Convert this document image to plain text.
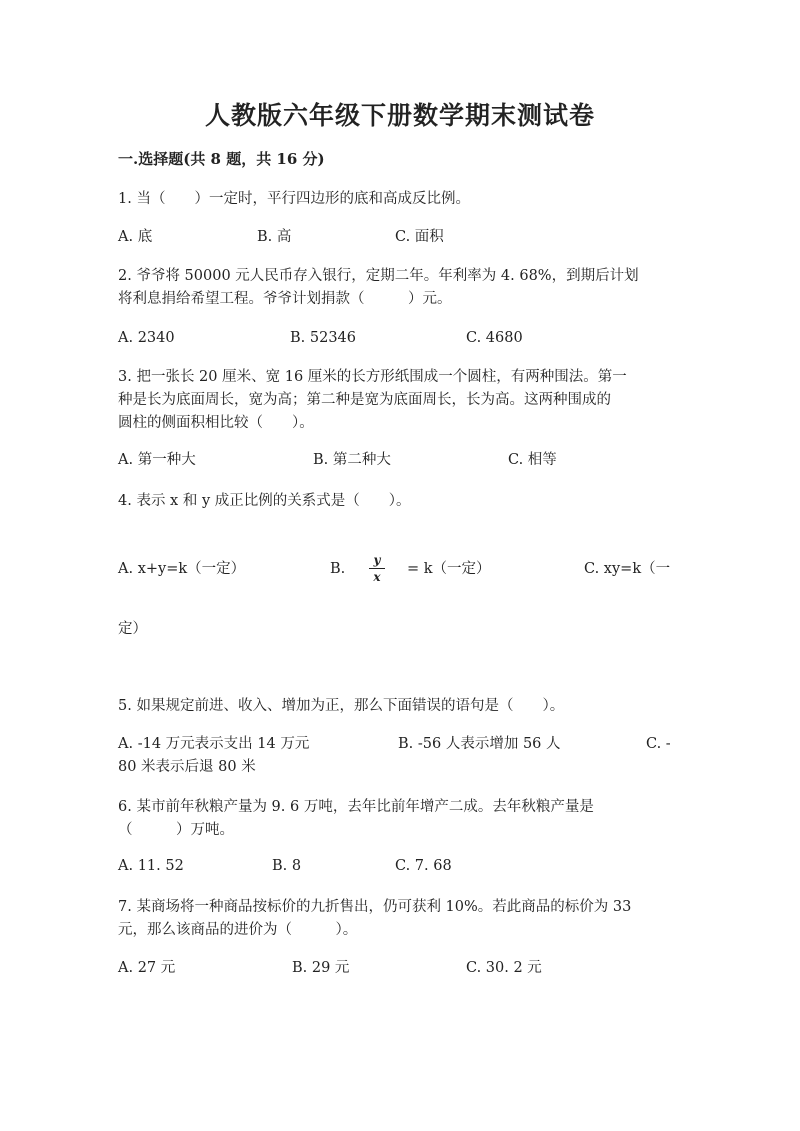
人教版六年级下册数学期末测试卷
一.选择题(共 8 题，共 16 分)
1. 当（　　）一定时，平行四边形的底和高成反比例。
A. 底	B. 高	C. 面积
2. 爷爷将 50000 元人民币存入银行，定期二年。年利率为 4. 68%，到期后计划
将利息捐给希望工程。爷爷计划捐款（　　　）元。
A. 2340	B. 52346	C. 4680
3. 把一张长 20 厘米、宽 16 厘米的长方形纸围成一个圆柱，有两种围法。第一
种是长为底面周长，宽为高；第二种是宽为底面周长，长为高。这两种围成的
圆柱的侧面积相比较（　　）。
A. 第一种大	B. 第二种大	C. 相等
4. 表示 x 和 y 成正比例的关系式是（　　）。
A. x+y=k（一定）	B.
y
x	= k（一定）	C. xy=k（一
定）
5. 如果规定前进、收入、增加为正，那么下面错误的语句是（　　）。
A. -14 万元表示支出 14 万元	B. -56 人表示增加 56 人	C. -
80 米表示后退 80 米
6. 某市前年秋粮产量为 9. 6 万吨，去年比前年增产二成。去年秋粮产量是
（　　　）万吨。
A. 11. 52	B. 8	C. 7. 68
7. 某商场将一种商品按标价的九折售出，仍可获利 10%。若此商品的标价为 33
元，那么该商品的进价为（　　　）。
A. 27 元	B. 29 元	C. 30. 2 元
